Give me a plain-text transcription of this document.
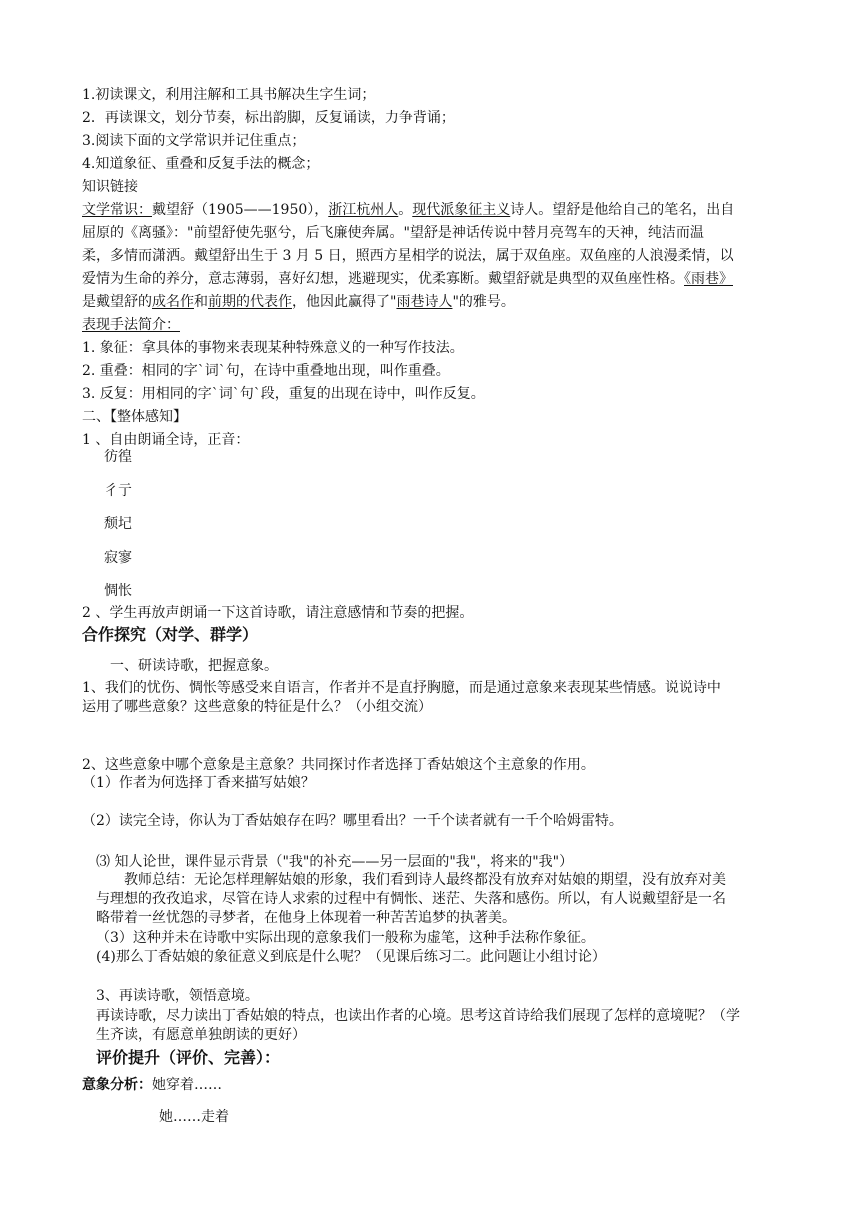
1.初读课文，利用注解和工具书解决生字生词；
2．再读课文，划分节奏，标出韵脚，反复诵读，力争背诵；
3.阅读下面的文学常识并记住重点；
4.知道象征、重叠和反复手法的概念；
知识链接
文学常识：戴望舒（1905——1950），浙江杭州人。现代派象征主义诗人。望舒是他给自己的笔名，出自
屈原的《离骚》："前望舒使先驱兮，后飞廉使奔属。"望舒是神话传说中替月亮驾车的天神，纯洁而温
柔，多情而潇洒。戴望舒出生于 3 月 5 日，照西方星相学的说法，属于双鱼座。双鱼座的人浪漫柔情，以
爱情为生命的养分，意志薄弱，喜好幻想，逃避现实，优柔寡断。戴望舒就是典型的双鱼座性格。《雨巷》
是戴望舒的成名作和前期的代表作，他因此赢得了"雨巷诗人"的雅号。
表现手法简介：
1. 象征：拿具体的事物来表现某种特殊意义的一种写作技法。
2. 重叠：相同的字`词`句，在诗中重叠地出现，叫作重叠。
3. 反复：用相同的字`词`句`段，重复的出现在诗中，叫作反复。
二、【整体感知】
1 、自由朗诵全诗，正音：
彷徨
彳亍
颓圮
寂寥
惆怅
2 、学生再放声朗诵一下这首诗歌，请注意感情和节奏的把握。
合作探究（对学、群学）
一、研读诗歌，把握意象。
1、我们的忧伤、惆怅等感受来自语言，作者并不是直抒胸臆，而是通过意象来表现某些情感。说说诗中
运用了哪些意象？这些意象的特征是什么？（小组交流）
2、这些意象中哪个意象是主意象？共同探讨作者选择丁香姑娘这个主意象的作用。
（1）作者为何选择丁香来描写姑娘？
（2）读完全诗，你认为丁香姑娘存在吗？哪里看出？一千个读者就有一千个哈姆雷特。
⑶ 知人论世，课件显示背景（"我"的补充——另一层面的"我"，将来的"我"）
教师总结：无论怎样理解姑娘的形象，我们看到诗人最终都没有放弃对姑娘的期望，没有放弃对美
与理想的孜孜追求，尽管在诗人求索的过程中有惆怅、迷茫、失落和感伤。所以，有人说戴望舒是一名
略带着一丝忧怨的寻梦者，在他身上体现着一种苦苦追梦的执著美。
（3）这种并未在诗歌中实际出现的意象我们一般称为虚笔，这种手法称作象征。
(4)那么丁香姑娘的象征意义到底是什么呢？（见课后练习二。此问题让小组讨论）
3、再读诗歌，领悟意境。
再读诗歌，尽力读出丁香姑娘的特点，也读出作者的心境。思考这首诗给我们展现了怎样的意境呢？（学
生齐读，有愿意单独朗读的更好）
评价提升（评价、完善）：
意象分析：她穿着……
她……走着
